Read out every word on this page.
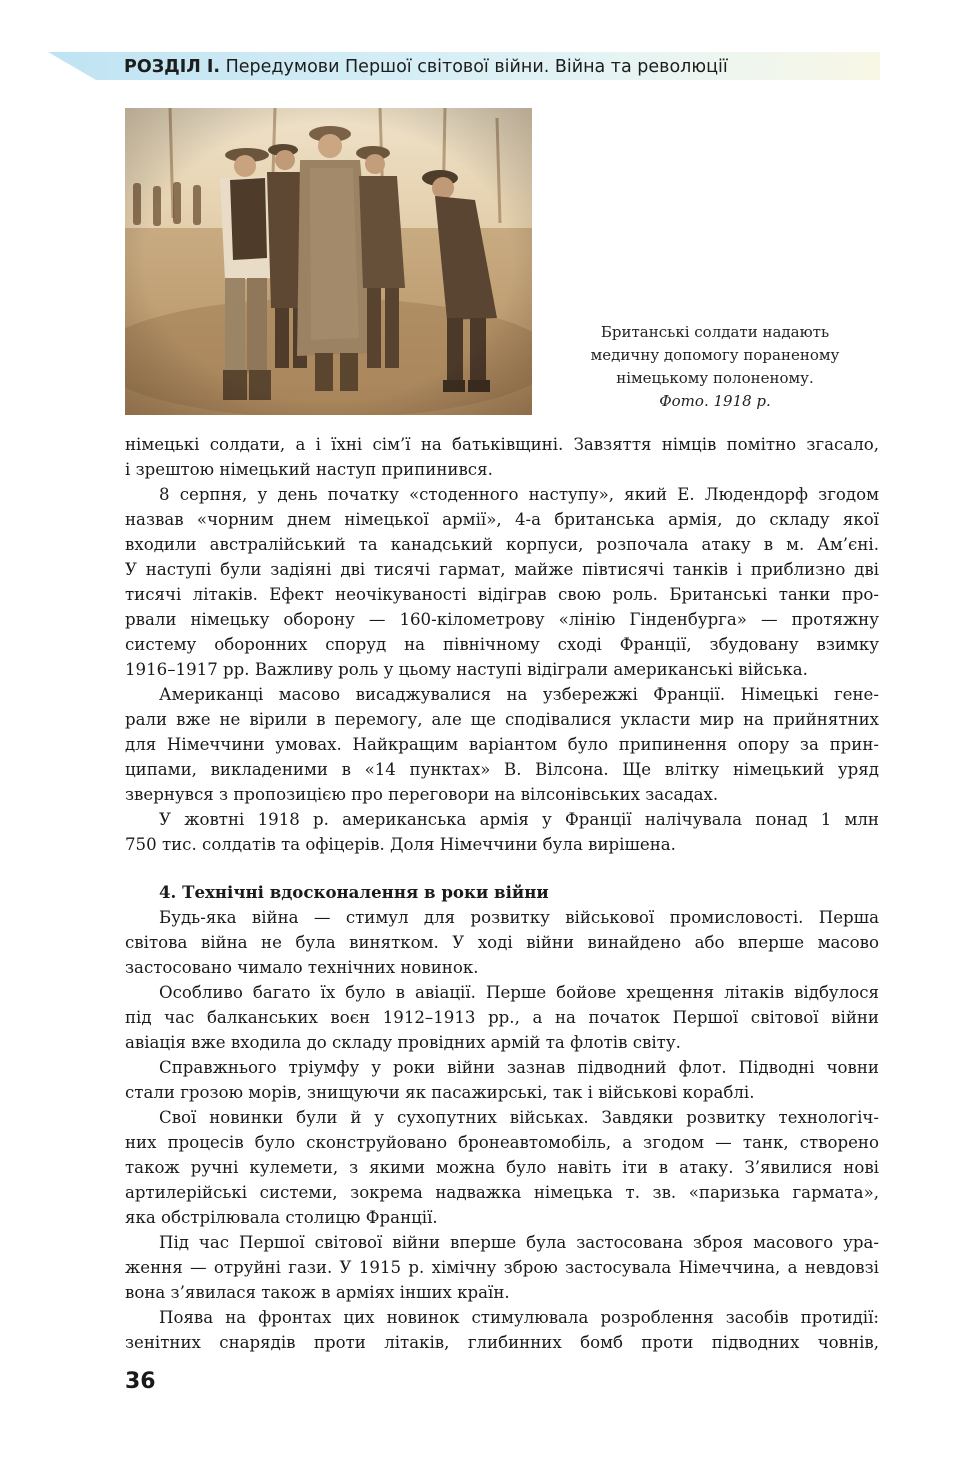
РОЗДІЛ І. Передумови Першої світової війни. Війна та революції
Британські солдати надають
медичну допомогу пораненому
німецькому полоненому.
Фото. 1918 р.
німецькі солдати, а і їхні сім’ї на батьківщині. Завзяття німців помітно згасало,
і зрештою німецький наступ припинився.
8 серпня, у день початку «стоденного наступу», який Е. Людендорф згодом
назвав «чорним днем німецької армії», 4-а британська армія, до складу якої
входили австралійський та канадський корпуси, розпочала атаку в м. Ам’єні.
У наступі були задіяні дві тисячі гармат, майже півтисячі танків і приблизно дві
тисячі літаків. Ефект неочікуваності відіграв свою роль. Британські танки про-
рвали німецьку оборону — 160-кілометрову «лінію Гінденбурга» — протяжну
систему оборонних споруд на північному сході Франції, збудовану взимку
1916–1917 рр. Важливу роль у цьому наступі відіграли американські війська.
Американці масово висаджувалися на узбережжі Франції. Німецькі гене-
рали вже не вірили в перемогу, але ще сподівалися укласти мир на прийнятних
для Німеччини умовах. Найкращим варіантом було припинення опору за прин-
ципами, викладеними в «14 пунктах» В. Вілсона. Ще влітку німецький уряд
звернувся з пропозицією про переговори на вілсонівських засадах.
У жовтні 1918 р. американська армія у Франції налічувала понад 1 млн
750 тис. солдатів та офіцерів. Доля Німеччини була вирішена.
4. Технічні вдосконалення в роки війни
Будь-яка війна — стимул для розвитку військової промисловості. Перша
світова війна не була винятком. У ході війни винайдено або вперше масово
застосовано чимало технічних новинок.
Особливо багато їх було в авіації. Перше бойове хрещення літаків відбулося
під час балканських воєн 1912–1913 рр., а на початок Першої світової війни
авіація вже входила до складу провідних армій та флотів світу.
Справжнього тріумфу у роки війни зазнав підводний флот. Підводні човни
стали грозою морів, знищуючи як пасажирські, так і військові кораблі.
Свої новинки були й у сухопутних військах. Завдяки розвитку технологіч-
них процесів було сконструйовано бронеавтомобіль, а згодом — танк, створено
також ручні кулемети, з якими можна було навіть іти в атаку. З’явилися нові
артилерійські системи, зокрема надважка німецька т. зв. «паризька гармата»,
яка обстрілювала столицю Франції.
Під час Першої світової війни вперше була застосована зброя масового ура-
ження — отруйні гази. У 1915 р. хімічну зброю застосувала Німеччина, а невдовзі
вона з’явилася також в арміях інших країн.
Поява на фронтах цих новинок стимулювала розроблення засобів протидії:
зенітних снарядів проти літаків, глибинних бомб проти підводних човнів,
36
